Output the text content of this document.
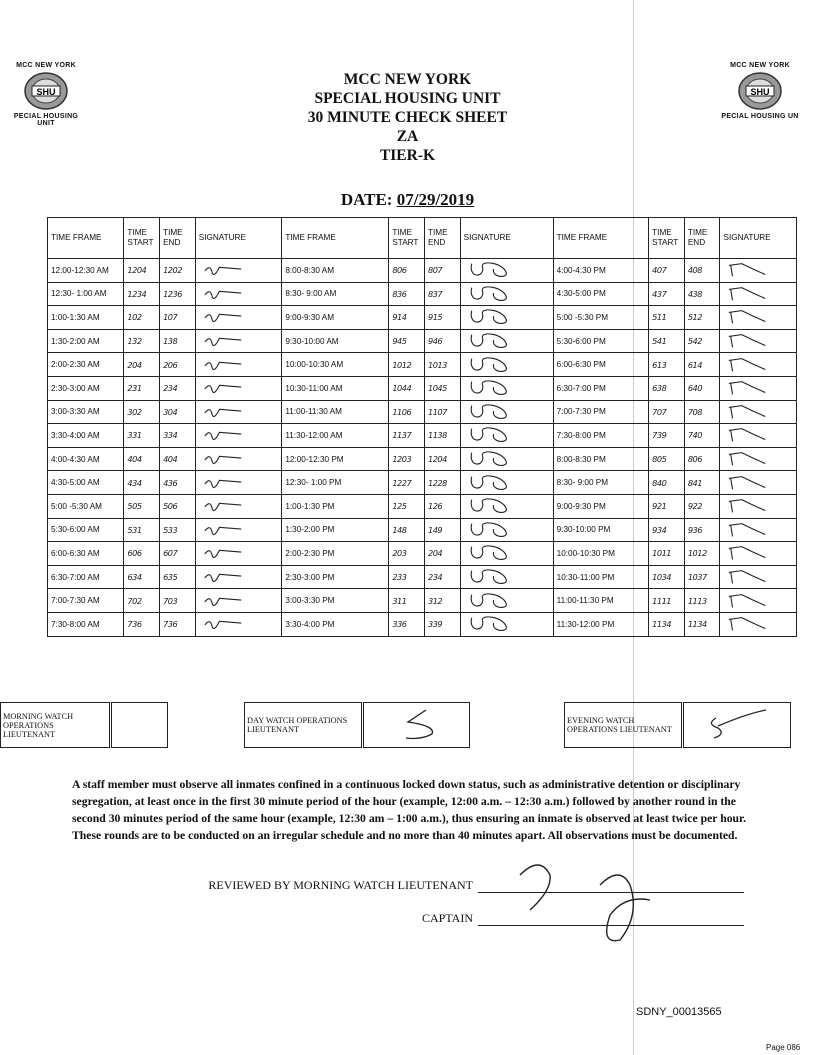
MCC NEW YORK
SHU
PECIAL HOUSING UNIT
MCC NEW YORK
SHU
PECIAL HOUSING UN
MCC NEW YORK
SPECIAL HOUSING UNIT
30 MINUTE CHECK SHEET
ZA
TIER-K
DATE: 07/29/2019
TIME FRAME	TIME START	TIME END	SIGNATURE	TIME FRAME	TIME START	TIME END	SIGNATURE	TIME FRAME	TIME START	TIME END	SIGNATURE
12:00-12:30 AM	1204	1202		8:00-8:30 AM	806	807		4:00-4:30 PM	407	408	

12:30- 1:00 AM	1234	1236		8:30- 9:00 AM	836	837		4:30-5:00 PM	437	438	

1:00-1:30 AM	102	107		9:00-9:30 AM	914	915		5:00 -5:30 PM	511	512	

1:30-2:00 AM	132	138		9:30-10:00 AM	945	946		5:30-6:00 PM	541	542	

2:00-2:30 AM	204	206		10:00-10:30 AM	1012	1013		6:00-6:30 PM	613	614	

2:30-3:00 AM	231	234		10:30-11:00 AM	1044	1045		6:30-7:00 PM	638	640	

3:00-3:30 AM	302	304		11:00-11:30 AM	1106	1107		7:00-7:30 PM	707	708	

3:30-4:00 AM	331	334		11:30-12:00 AM	1137	1138		7:30-8:00 PM	739	740	

4:00-4:30 AM	404	404		12:00-12:30 PM	1203	1204		8:00-8:30 PM	805	806	

4:30-5:00 AM	434	436		12:30- 1:00 PM	1227	1228		8:30- 9:00 PM	840	841	

5:00 -5:30 AM	505	506		1:00-1:30 PM	125	126		9:00-9:30 PM	921	922	

5:30-6:00 AM	531	533		1:30-2:00 PM	148	149		9:30-10:00 PM	934	936	

6:00-6:30 AM	606	607		2:00-2:30 PM	203	204		10:00-10:30 PM	1011	1012	

6:30-7:00 AM	634	635		2:30-3:00 PM	233	234		10:30-11:00 PM	1034	1037	

7:00-7:30 AM	702	703		3:00-3:30 PM	311	312		11:00-11:30 PM	1111	1113	

7:30-8:00 AM	736	736		3:30-4:00 PM	336	339		11:30-12:00 PM	1134	1134	
MORNING WATCH OPERATIONS LIEUTENANT			DAY WATCH OPERATIONS LIEUTENANT			EVENING WATCH OPERATIONS LIEUTENANT	
A staff member must observe all inmates confined in a continuous locked down status, such as administrative detention or disciplinary segregation, at least once in the first 30 minute period of the hour (example, 12:00 a.m. – 12:30 a.m.) followed by another round in the second 30 minutes period of the same hour (example, 12:30 am – 1:00 a.m.), thus ensuring an inmate is observed at least twice per hour. These rounds are to be conducted on an irregular schedule and no more than 40 minutes apart. All observations must be documented.
REVIEWED BY MORNING WATCH LIEUTENANT
CAPTAIN
SDNY_00013565
Page 086
